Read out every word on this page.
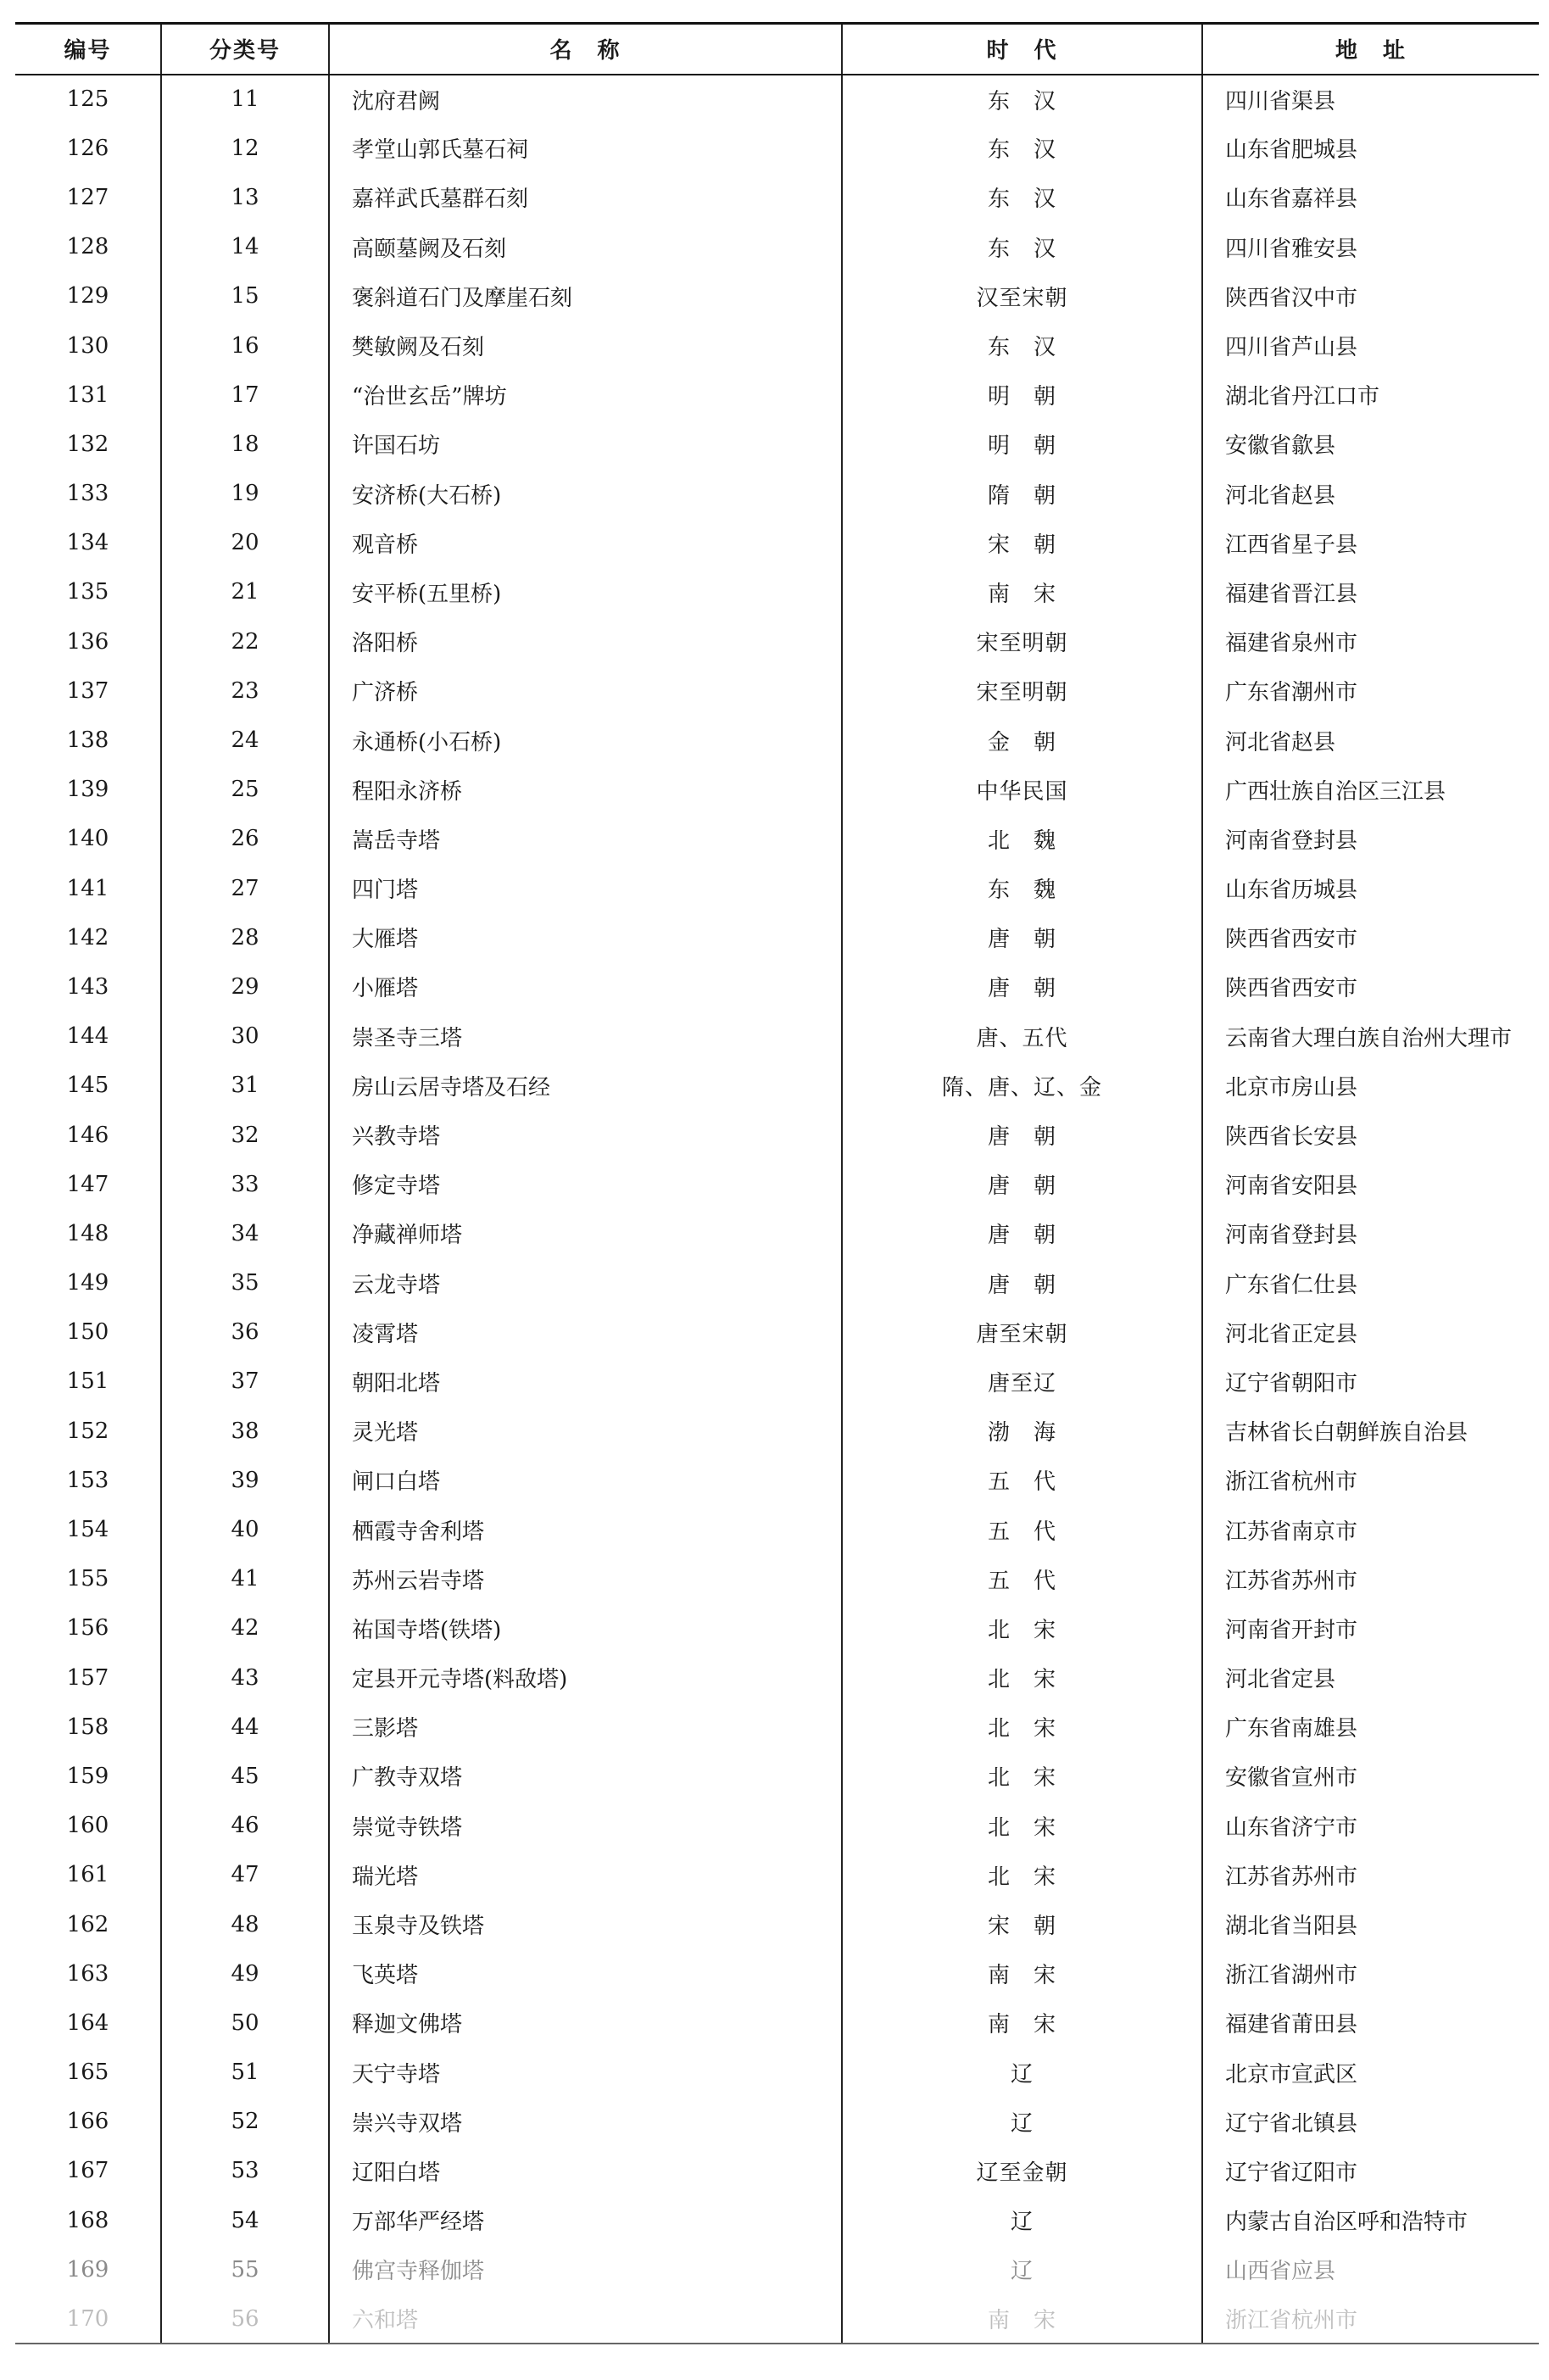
编号	分类号	名　称	时　代	地　址
125	11	沈府君阙	东　汉	四川省渠县
126	12	孝堂山郭氏墓石祠	东　汉	山东省肥城县
127	13	嘉祥武氏墓群石刻	东　汉	山东省嘉祥县
128	14	高颐墓阙及石刻	东　汉	四川省雅安县
129	15	褒斜道石门及摩崖石刻	汉至宋朝	陕西省汉中市
130	16	樊敏阙及石刻	东　汉	四川省芦山县
131	17	“治世玄岳”牌坊	明　朝	湖北省丹江口市
132	18	许国石坊	明　朝	安徽省歙县
133	19	安济桥(大石桥)	隋　朝	河北省赵县
134	20	观音桥	宋　朝	江西省星子县
135	21	安平桥(五里桥)	南　宋	福建省晋江县
136	22	洛阳桥	宋至明朝	福建省泉州市
137	23	广济桥	宋至明朝	广东省潮州市
138	24	永通桥(小石桥)	金　朝	河北省赵县
139	25	程阳永济桥	中华民国	广西壮族自治区三江县
140	26	嵩岳寺塔	北　魏	河南省登封县
141	27	四门塔	东　魏	山东省历城县
142	28	大雁塔	唐　朝	陕西省西安市
143	29	小雁塔	唐　朝	陕西省西安市
144	30	崇圣寺三塔	唐、五代	云南省大理白族自治州大理市
145	31	房山云居寺塔及石经	隋、唐、辽、金	北京市房山县
146	32	兴教寺塔	唐　朝	陕西省长安县
147	33	修定寺塔	唐　朝	河南省安阳县
148	34	净藏禅师塔	唐　朝	河南省登封县
149	35	云龙寺塔	唐　朝	广东省仁仕县
150	36	凌霄塔	唐至宋朝	河北省正定县
151	37	朝阳北塔	唐至辽	辽宁省朝阳市
152	38	灵光塔	渤　海	吉林省长白朝鲜族自治县
153	39	闸口白塔	五　代	浙江省杭州市
154	40	栖霞寺舍利塔	五　代	江苏省南京市
155	41	苏州云岩寺塔	五　代	江苏省苏州市
156	42	祐国寺塔(铁塔)	北　宋	河南省开封市
157	43	定县开元寺塔(料敌塔)	北　宋	河北省定县
158	44	三影塔	北　宋	广东省南雄县
159	45	广教寺双塔	北　宋	安徽省宣州市
160	46	崇觉寺铁塔	北　宋	山东省济宁市
161	47	瑞光塔	北　宋	江苏省苏州市
162	48	玉泉寺及铁塔	宋　朝	湖北省当阳县
163	49	飞英塔	南　宋	浙江省湖州市
164	50	释迦文佛塔	南　宋	福建省莆田县
165	51	天宁寺塔	辽	北京市宣武区
166	52	崇兴寺双塔	辽	辽宁省北镇县
167	53	辽阳白塔	辽至金朝	辽宁省辽阳市
168	54	万部华严经塔	辽	内蒙古自治区呼和浩特市
169	55	佛宫寺释伽塔	辽	山西省应县
170	56	六和塔	南　宋	浙江省杭州市
